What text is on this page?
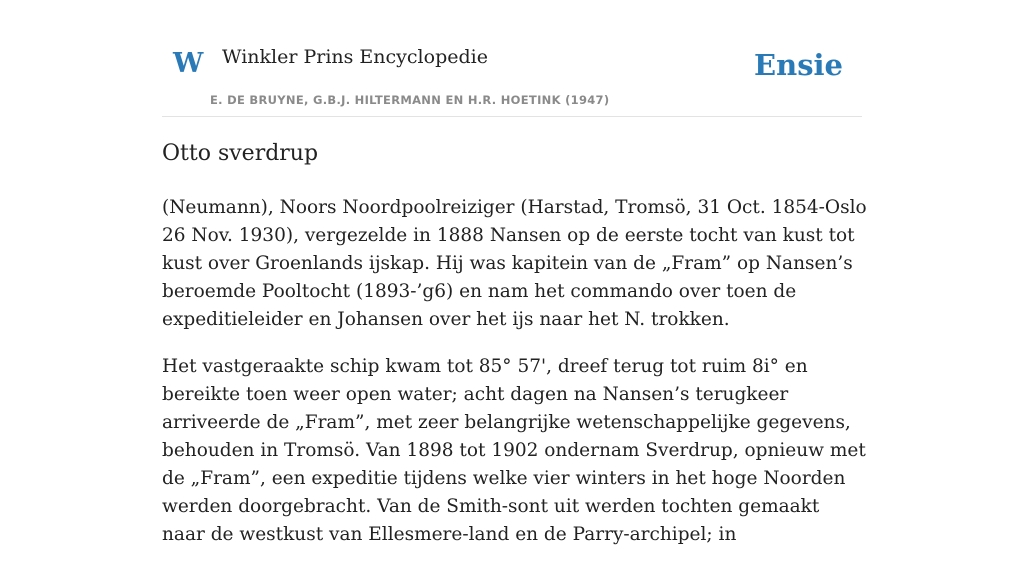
W Winkler Prins Encyclopedie
E. DE BRUYNE, G.B.J. HILTERMANN EN H.R. HOETINK (1947)
Ensie
Otto sverdrup

(Neumann), Noors Noordpoolreiziger (Harstad, Tromsö, 31 Oct. 1854-Oslo 26 Nov. 1930), vergezelde in 1888 Nansen op de eerste tocht van kust tot kust over Groenlands ijskap. Hij was kapitein van de „Fram” op Nansen’s beroemde Pooltocht (1893-’g6) en nam het commando over toen de expeditieleider en Johansen over het ijs naar het N. trokken.

Het vastgeraakte schip kwam tot 85° 57', dreef terug tot ruim 8i° en bereikte toen weer open water; acht dagen na Nansen’s terugkeer arriveerde de „Fram”, met zeer belangrijke wetenschappelijke gegevens, behouden in Tromsö. Van 1898 tot 1902 ondernam Sverdrup, opnieuw met de „Fram”, een expeditie tijdens welke vier winters in het hoge Noorden werden doorgebracht. Van de Smith-sont uit werden tochten gemaakt naar de westkust van Ellesmere-land en de Parry-archipel; in
